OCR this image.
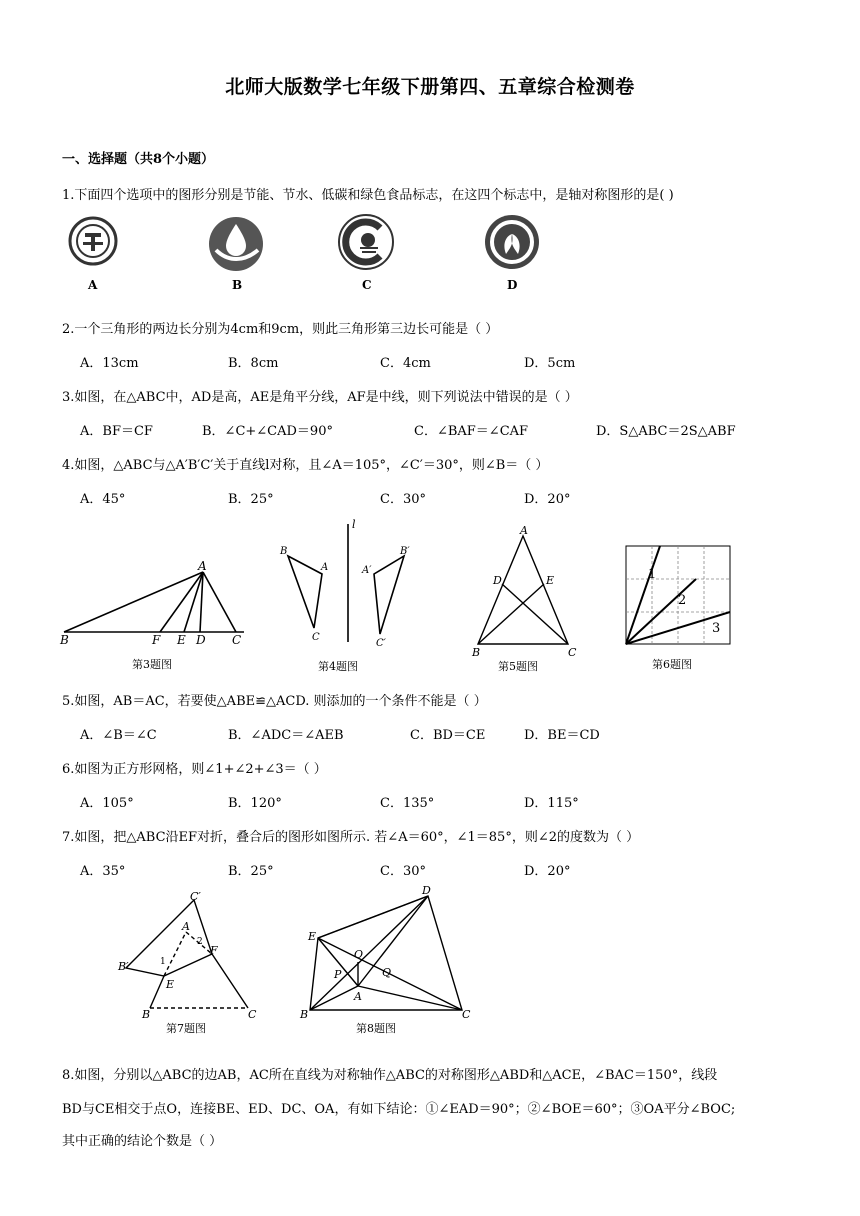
北师大版数学七年级下册第四、五章综合检测卷
一、选择题（共8个小题）
1.下面四个选项中的图形分别是节能、节水、低碳和绿色食品标志，在这四个标志中，是轴对称图形的是( )
A	B	C	D
2.一个三角形的两边长分别为4cm和9cm，则此三角形第三边长可能是（ ）
A．13cm	B．8cm	C．4cm	D．5cm
3.如图，在△ABC中，AD是高，AE是角平分线，AF是中线，则下列说法中错误的是（ ）
A．BF＝CF	B．∠C+∠CAD＝90°	C．∠BAF＝∠CAF	D．S△ABC＝2S△ABF
4.如图，△ABC与△A′B′C′关于直线l对称，且∠A＝105°，∠C′＝30°，则∠B＝（ ）
A．45°	B．25°	C．30°	D．20°
A
B	F E D C
第3题图
l
B
A
C
A′
B′
C′
第4题图
A
D	E
B	C
第5题图
1
2
3
第6题图
5.如图，AB＝AC，若要使△ABE≌△ACD. 则添加的一个条件不能是（ ）
A．∠B＝∠C	B．∠ADC＝∠AEB	C．BD＝CE	D．BE＝CD
6.如图为正方形网格，则∠1+∠2+∠3＝（ ）
A．105°	B．120°	C．135°	D．115°
7.如图，把△ABC沿EF对折，叠合后的图形如图所示. 若∠A＝60°，∠1＝85°，则∠2的度数为（ ）
A．35°	B．25°	C．30°	D．20°
C′
A
2
B′	1
F
E
B	C
第7题图
D
E
O
P	Q
A
B	C
第8题图
8.如图，分别以△ABC的边AB，AC所在直线为对称轴作△ABC的对称图形△ABD和△ACE，∠BAC＝150°，线段
BD与CE相交于点O，连接BE、ED、DC、OA，有如下结论：①∠EAD＝90°；②∠BOE＝60°；③OA平分∠BOC;
其中正确的结论个数是（ ）
